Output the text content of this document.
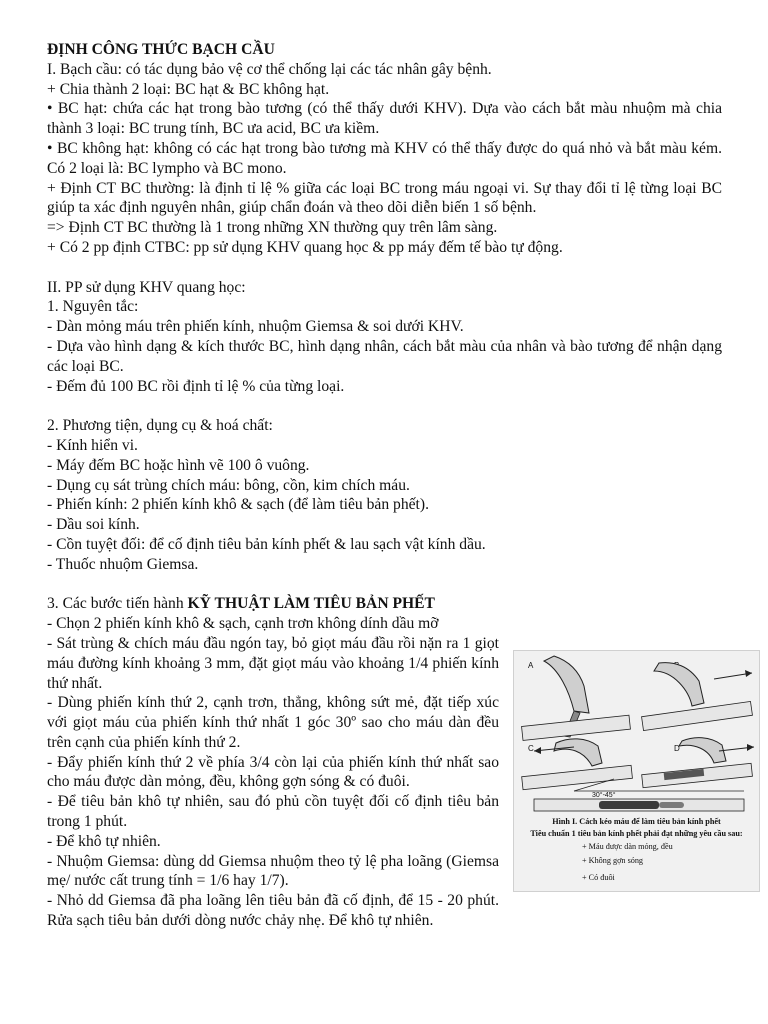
ĐỊNH CÔNG THỨC BẠCH CẦU

I. Bạch cầu: có tác dụng bảo vệ cơ thể chống lại các tác nhân gây bệnh.

+ Chia thành 2 loại: BC hạt & BC không hạt.

• BC hạt: chứa các hạt trong bào tương (có thể thấy dưới KHV). Dựa vào cách bắt màu nhuộm mà chia thành 3 loại: BC trung tính, BC ưa acid, BC ưa kiềm.

• BC không hạt: không có các hạt trong bào tương mà KHV có thể thấy được do quá nhỏ và bắt màu kém. Có 2 loại là: BC lympho và BC mono.

+ Định CT BC thường: là định tỉ lệ % giữa các loại BC trong máu ngoại vi. Sự thay đổi tỉ lệ từng loại BC giúp ta xác định nguyên nhân, giúp chẩn đoán và theo dõi diễn biến 1 số bệnh.

=> Định CT BC thường là 1 trong những XN thường quy trên lâm sàng.

+ Có 2 pp định CTBC: pp sử dụng KHV quang học & pp máy đếm tế bào tự động.

II. PP sử dụng KHV quang học:

1. Nguyên tắc:

- Dàn mỏng máu trên phiến kính, nhuộm Giemsa & soi dưới KHV.

- Dựa vào hình dạng & kích thước BC, hình dạng nhân, cách bắt màu của nhân và bào tương để nhận dạng các loại BC.

- Đếm đủ 100 BC rồi định tỉ lệ % của từng loại.

2. Phương tiện, dụng cụ & hoá chất:

- Kính hiển vi.

- Máy đếm BC hoặc hình vẽ 100 ô vuông.

- Dụng cụ sát trùng chích máu: bông, cồn, kim chích máu.

- Phiến kính: 2 phiến kính khô & sạch (để làm tiêu bản phết).

- Dầu soi kính.

- Cồn tuyệt đối: để cố định tiêu bản kính phết & lau sạch vật kính dầu.

- Thuốc nhuộm Giemsa.

3. Các bước tiến hành KỸ THUẬT LÀM TIÊU BẢN PHẾT

- Chọn 2 phiến kính khô & sạch, cạnh trơn không dính dầu mỡ

- Sát trùng & chích máu đầu ngón tay, bỏ giọt máu đầu rồi nặn ra 1 giọt máu đường kính khoảng 3 mm, đặt giọt máu vào khoảng 1/4 phiến kính thứ nhất.

- Dùng phiến kính thứ 2, cạnh trơn, thẳng, không sứt mẻ, đặt tiếp xúc với giọt máu của phiến kính thứ nhất 1 góc 30º sao cho máu dàn đều trên cạnh của phiến kính thứ 2.

- Đẩy phiến kính thứ 2 về phía 3/4 còn lại của phiến kính thứ nhất sao cho máu được dàn mỏng, đều, không gợn sóng & có đuôi.

- Để tiêu bản khô tự nhiên, sau đó phủ cồn tuyệt đối cố định tiêu bản trong 1 phút.

- Để khô tự nhiên.

- Nhuộm Giemsa: dùng dd Giemsa nhuộm theo tỷ lệ pha loãng (Giemsa mẹ/ nước cất trung tính = 1/6 hay 1/7).

- Nhỏ dd Giemsa đã pha loãng lên tiêu bản đã cố định, để 15 - 20 phút. Rửa sạch tiêu bản dưới dòng nước chảy nhẹ. Để khô tự nhiên.

A
C	D
30°-45°
Hình I. Cách kéo máu để làm tiêu bản kính phết
Tiêu chuẩn 1 tiêu bản kính phết phải đạt những yêu cầu sau:
+ Máu được dàn mỏng, đều
+ Không gợn sóng
+ Có đuôi
